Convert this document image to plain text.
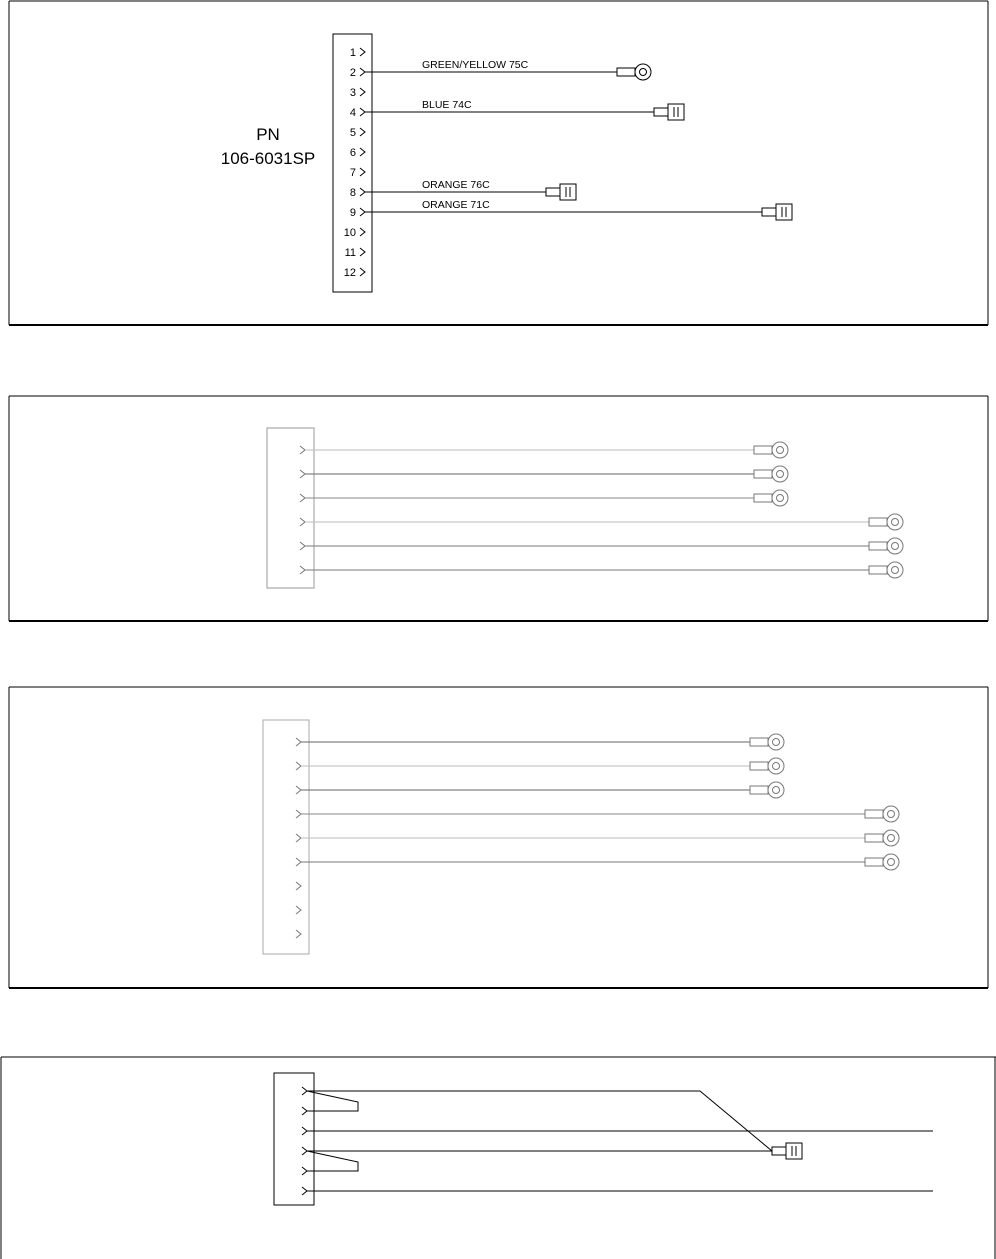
PN
106-6031SP
1
2
3
4
5
6
7
8
9
10
11
12
GREEN/YELLOW 75C
BLUE 74C
ORANGE 76C
ORANGE 71C
